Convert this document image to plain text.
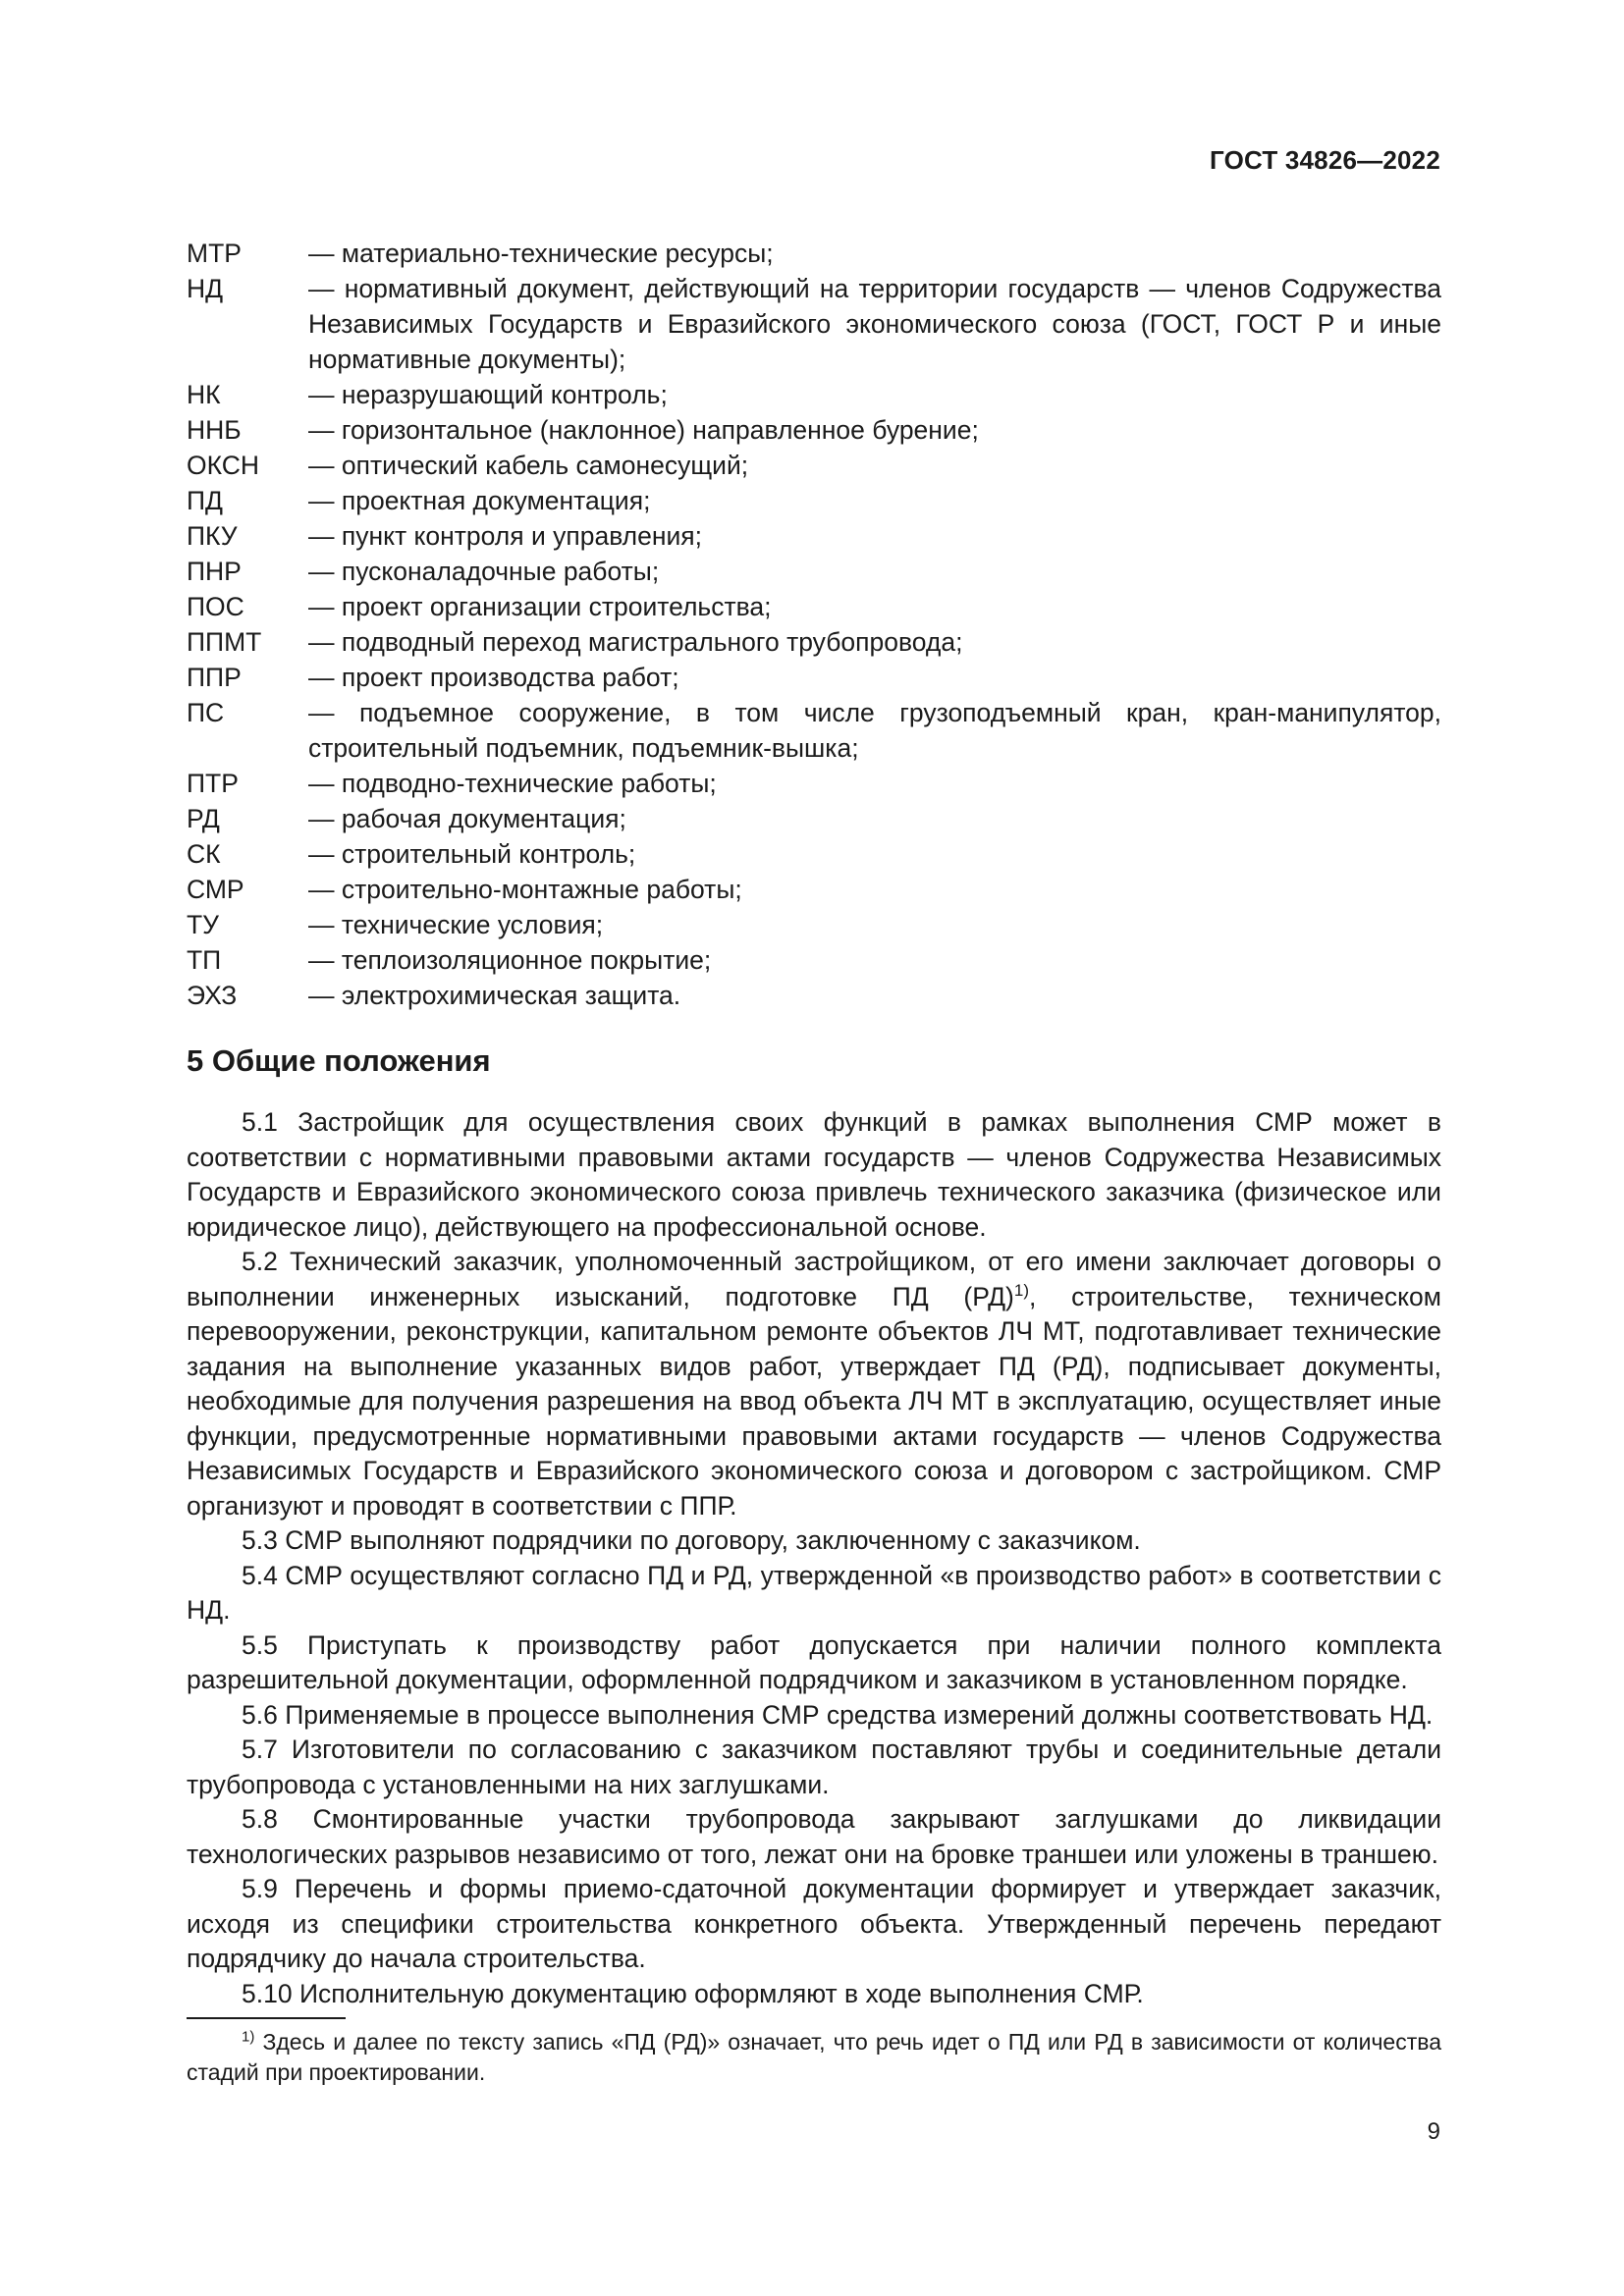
ГОСТ 34826—2022
МТР	— материально-технические ресурсы;
НД	— нормативный документ, действующий на территории государств — членов Содружества Независимых Государств и Евразийского экономического союза (ГОСТ, ГОСТ Р и иные нормативные документы);
НК	— неразрушающий контроль;
ННБ	— горизонтальное (наклонное) направленное бурение;
ОКСН	— оптический кабель самонесущий;
ПД	— проектная документация;
ПКУ	— пункт контроля и управления;
ПНР	— пусконаладочные работы;
ПОС	— проект организации строительства;
ППМТ	— подводный переход магистрального трубопровода;
ППР	— проект производства работ;
ПС	— подъемное сооружение, в том числе грузоподъемный кран, кран-манипулятор, строительный подъемник, подъемник-вышка;
ПТР	— подводно-технические работы;
РД	— рабочая документация;
СК	— строительный контроль;
СМР	— строительно-монтажные работы;
ТУ	— технические условия;
ТП	— теплоизоляционное покрытие;
ЭХЗ	— электрохимическая защита.
5 Общие положения

5.1 Застройщик для осуществления своих функций в рамках выполнения СМР может в соответствии с нормативными правовыми актами государств — членов Содружества Независимых Государств и Евразийского экономического союза привлечь технического заказчика (физическое или юридическое лицо), действующего на профессиональной основе.

5.2 Технический заказчик, уполномоченный застройщиком, от его имени заключает договоры о выполнении инженерных изысканий, подготовке ПД (РД)$^{1)}$, строительстве, техническом перевооружении, реконструкции, капитальном ремонте объектов ЛЧ МТ, подготавливает технические задания на выполнение указанных видов работ, утверждает ПД (РД), подписывает документы, необходимые для получения разрешения на ввод объекта ЛЧ МТ в эксплуатацию, осуществляет иные функции, предусмотренные нормативными правовыми актами государств — членов Содружества Независимых Государств и Евразийского экономического союза и договором с застройщиком. СМР организуют и проводят в соответствии с ППР.

5.3 СМР выполняют подрядчики по договору, заключенному с заказчиком.

5.4 СМР осуществляют согласно ПД и РД, утвержденной «в производство работ» в соответствии с НД.

5.5 Приступать к производству работ допускается при наличии полного комплекта разрешительной документации, оформленной подрядчиком и заказчиком в установленном порядке.

5.6 Применяемые в процессе выполнения СМР средства измерений должны соответствовать НД.

5.7 Изготовители по согласованию с заказчиком поставляют трубы и соединительные детали трубопровода с установленными на них заглушками.

5.8 Смонтированные участки трубопровода закрывают заглушками до ликвидации технологических разрывов независимо от того, лежат они на бровке траншеи или уложены в траншею.

5.9 Перечень и формы приемо-сдаточной документации формирует и утверждает заказчик, исходя из специфики строительства конкретного объекта. Утвержденный перечень передают подрядчику до начала строительства.

5.10 Исполнительную документацию оформляют в ходе выполнения СМР.

$^{1)}$ Здесь и далее по тексту запись «ПД (РД)» означает, что речь идет о ПД или РД в зависимости от количества стадий при проектировании.
9
